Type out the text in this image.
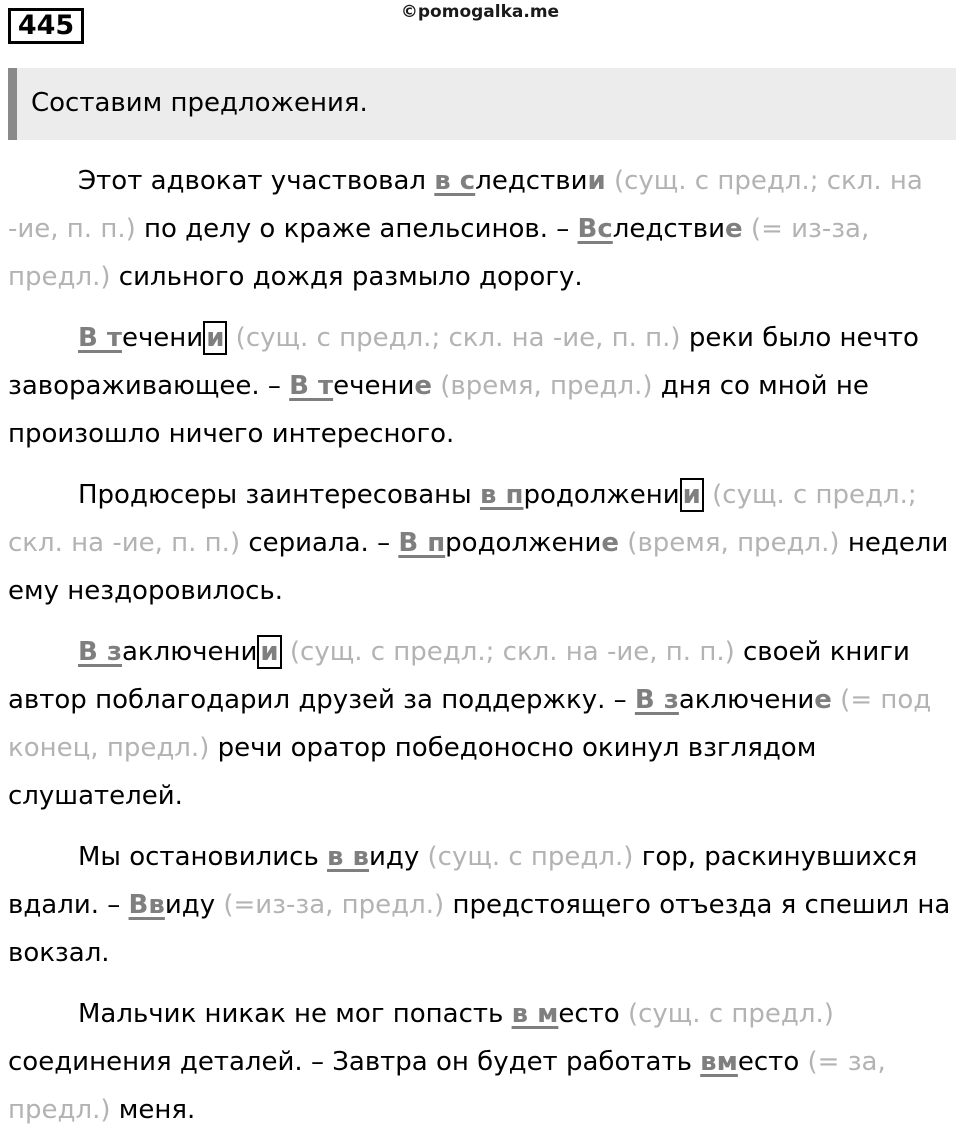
445	©pomogalka.me
Составим предложения.

Этот адвокат участвовал в следствии (сущ. с предл.; скл. на -ие, п. п.) по делу о краже апельсинов. – Вследствие (= из-за, предл.) сильного дождя размыло дорогу.

В течени и (сущ. с предл.; скл. на -ие, п. п.) реки было нечто завораживающее. – В течение (время, предл.) дня со мной не произошло ничего интересного.

Продюсеры заинтересованы в продолжени и (сущ. с предл.; скл. на -ие, п. п.) сериала. – В продолжение (время, предл.) недели ему нездоровилось.

В заключени и (сущ. с предл.; скл. на -ие, п. п.) своей книги автор поблагодарил друзей за поддержку. – В заключение (= под конец, предл.) речи оратор победоносно окинул взглядом слушателей.

Мы остановились в виду (сущ. с предл.) гор, раскинувшихся вдали. – Ввиду (=из-за, предл.) предстоящего отъезда я спешил на вокзал.

Мальчик никак не мог попасть в место (сущ. с предл.) соединения деталей. – Завтра он будет работать вместо (= за, предл.) меня.
